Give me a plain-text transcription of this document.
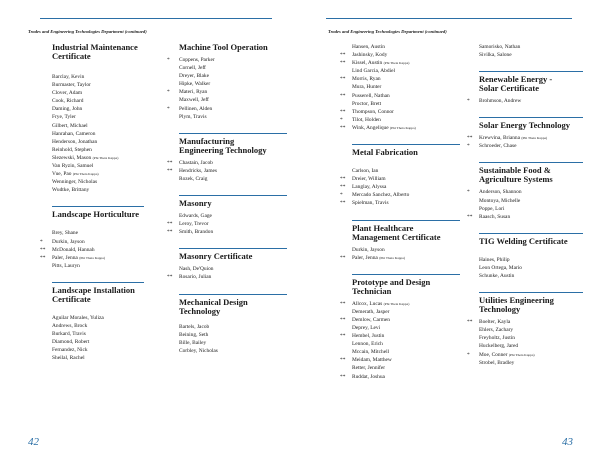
Trades and Engineering Technologies Department (continued)
Industrial Maintenance
Certificate
Barclay, Kevin
Burmaster, Taylor
Clover, Adam
Cook, Richard
Daming, John
Frye, Tyler
Gilbert, Michael
Hanrahan, Cameron
Henderson, Jonathan
Reinhold, Stephen
Slezewski, Mason (Phi Theta Kappa)
Van Ryzin, Samuel
Vue, Pao (Phi Theta Kappa)
Wenninger, Nicholas
Wudtke, Brittany
Landscape Horticulture
Brey, Shane
* Durkin, Jayson
** McDonald, Hannah
** Paler, Jenna (Phi Theta Kappa)
Pitts, Lauryn
Landscape Installation
Certificate
Aguilar Morales, Yuliza
Andrews, Brock
Burkard, Travis
Diamond, Robert
Fernandez, Nick
Sheilal, Rachel
Machine Tool Operation
* Coppens, Parker
Cornell, Jeff
Dreyer, Blake
Hipke, Walker
* Materi, Ryan
Maxwell, Jeff
* Pellinen, Alden
Plym, Travis
Manufacturing
Engineering Technology
** Chastain, Jacob
** Hendricks, James
Rozek, Craig
Masonry
Edwards, Gage
** Leroy, Trevor
** Smith, Brandon
Masonry Certificate
Nash, De'Quion
** Rosario, Julian
Mechanical Design
Technology
Bartels, Jacob
Beining, Seth
Bille, Bailey
Corbley, Nicholas
42
Trades and Engineering Technologies Department (continued)
Hansen, Austin
** Jashinsky, Kody
** Kissel, Austin (Phi Theta Kappa)
Lind Garcia, Abdiel
** Morris, Ryan
Mura, Hunter
** Pusserell, Nathan
Proctor, Brett
** Thompson, Connor
* Tilot, Holden
** Wink, Angelique (Phi Theta Kappa)
Metal Fabrication
Carlson, Ian
** Dreier, William
** Langlay, Alyssa
* Mercado Sanchez, Alberto
** Spielman, Travis
Plant Healthcare
Management Certificate
Durkin, Jayson
** Paler, Jenna (Phi Theta Kappa)
Prototype and Design
Technician
** Allcox, Lucas (Phi Theta Kappa)
Demerath, Jasper
** Demlow, Carmen
Deprey, Levi
** Hembel, Justin
Lennon, Erich
Mccain, Mitchell
** Meidam, Matthew
Retter, Jennifer
** Ruddat, Joshua
Samorisko, Nathan
Sivilka, Salone
Renewable Energy -
Solar Certificate
* Brohmson, Andrew
Solar Energy Technology
** Krewvina, Brianna (Phi Theta Kappa)
* Schroeder, Chase
Sustainable Food &
Agriculture Systems
* Anderson, Shannon
Montoya, Michelle
Poppe, Lori
** Raasch, Susan
TIG Welding Certificate
Haines, Philip
Leon Ortega, Mario
Schunke, Austin
Utilities Engineering
Technology
** Boelter, Kayla
Ehlers, Zachary
Freyholtz, Justin
Huckelberg, Jared
* Moe, Conner (Phi Theta Kappa)
Strobel, Bradley
43
